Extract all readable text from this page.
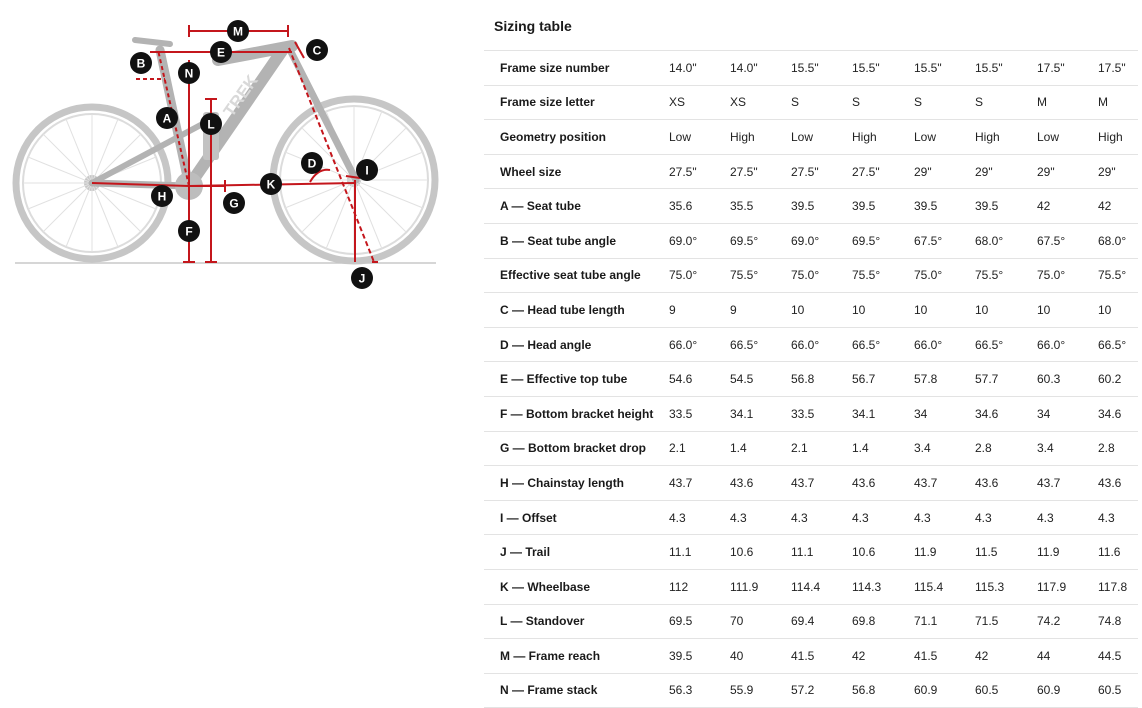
TREK
M
E	C
B
N
A	L
D	I
K
H	G
F
J
Sizing table
Frame size number	14.0"	14.0"	15.5"	15.5"	15.5"	15.5"	17.5"	17.5"
Frame size letter	XS	XS	S	S	S	S	M	M
Geometry position	Low	High	Low	High	Low	High	Low	High
Wheel size	27.5"	27.5"	27.5"	27.5"	29"	29"	29"	29"
A — Seat tube	35.6	35.5	39.5	39.5	39.5	39.5	42	42
B — Seat tube angle	69.0°	69.5°	69.0°	69.5°	67.5°	68.0°	67.5°	68.0°
Effective seat tube angle	75.0°	75.5°	75.0°	75.5°	75.0°	75.5°	75.0°	75.5°
C — Head tube length	9	9	10	10	10	10	10	10
D — Head angle	66.0°	66.5°	66.0°	66.5°	66.0°	66.5°	66.0°	66.5°
E — Effective top tube	54.6	54.5	56.8	56.7	57.8	57.7	60.3	60.2
F — Bottom bracket height	33.5	34.1	33.5	34.1	34	34.6	34	34.6
G — Bottom bracket drop	2.1	1.4	2.1	1.4	3.4	2.8	3.4	2.8
H — Chainstay length	43.7	43.6	43.7	43.6	43.7	43.6	43.7	43.6
I — Offset	4.3	4.3	4.3	4.3	4.3	4.3	4.3	4.3
J — Trail	11.1	10.6	11.1	10.6	11.9	11.5	11.9	11.6
K — Wheelbase	112	111.9	114.4	114.3	115.4	115.3	117.9	117.8
L — Standover	69.5	70	69.4	69.8	71.1	71.5	74.2	74.8
M — Frame reach	39.5	40	41.5	42	41.5	42	44	44.5
N — Frame stack	56.3	55.9	57.2	56.8	60.9	60.5	60.9	60.5
